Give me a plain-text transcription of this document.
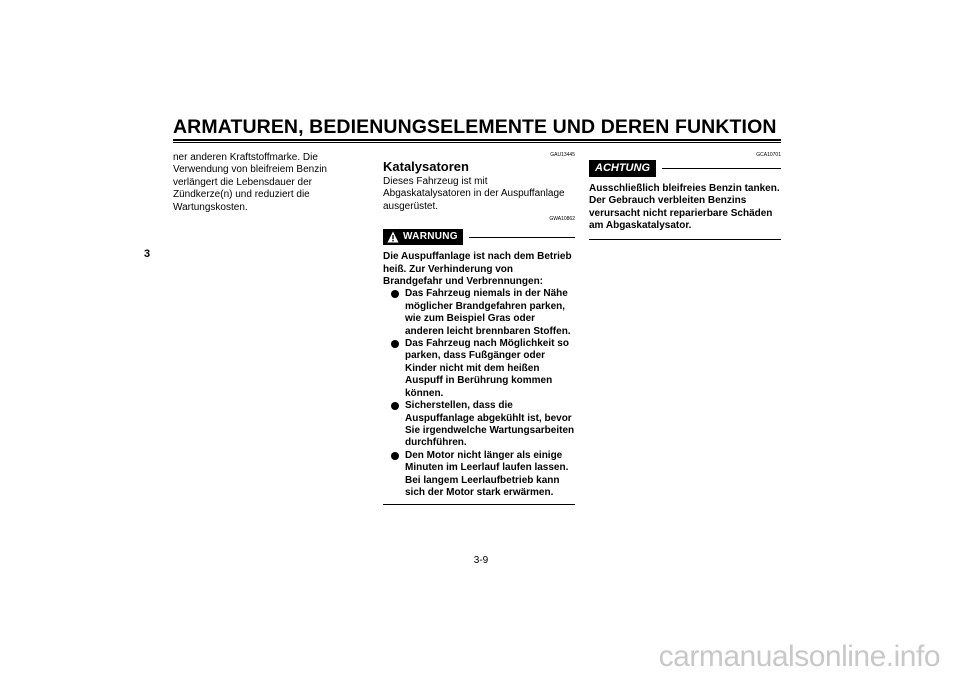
ARMATUREN, BEDIENUNGSELEMENTE UND DEREN FUNKTION
3
ner anderen Kraftstoffmarke. Die Verwendung von bleifreiem Benzin verlängert die Lebensdauer der Zündkerze(n) und reduziert die Wartungskosten.
GAU13445
Katalysatoren
Dieses Fahrzeug ist mit Abgaskatalysatoren in der Auspuffanlage ausgerüstet.
GWA10862
WARNUNG
Die Auspuffanlage ist nach dem Betrieb heiß. Zur Verhinderung von Brandgefahr und Verbrennungen:
Das Fahrzeug niemals in der Nähe möglicher Brandgefahren parken, wie zum Beispiel Gras oder anderen leicht brennbaren Stoffen.
Das Fahrzeug nach Möglichkeit so parken, dass Fußgänger oder Kinder nicht mit dem heißen Auspuff in Berührung kommen können.
Sicherstellen, dass die Auspuffanlage abgekühlt ist, bevor Sie irgendwelche Wartungsarbeiten durchführen.
Den Motor nicht länger als einige Minuten im Leerlauf laufen lassen. Bei langem Leerlaufbetrieb kann sich der Motor stark erwärmen.
GCA10701
ACHTUNG
Ausschließlich bleifreies Benzin tanken. Der Gebrauch verbleiten Benzins verursacht nicht reparierbare Schäden am Abgaskatalysator.
3-9
carmanualsonline.info
